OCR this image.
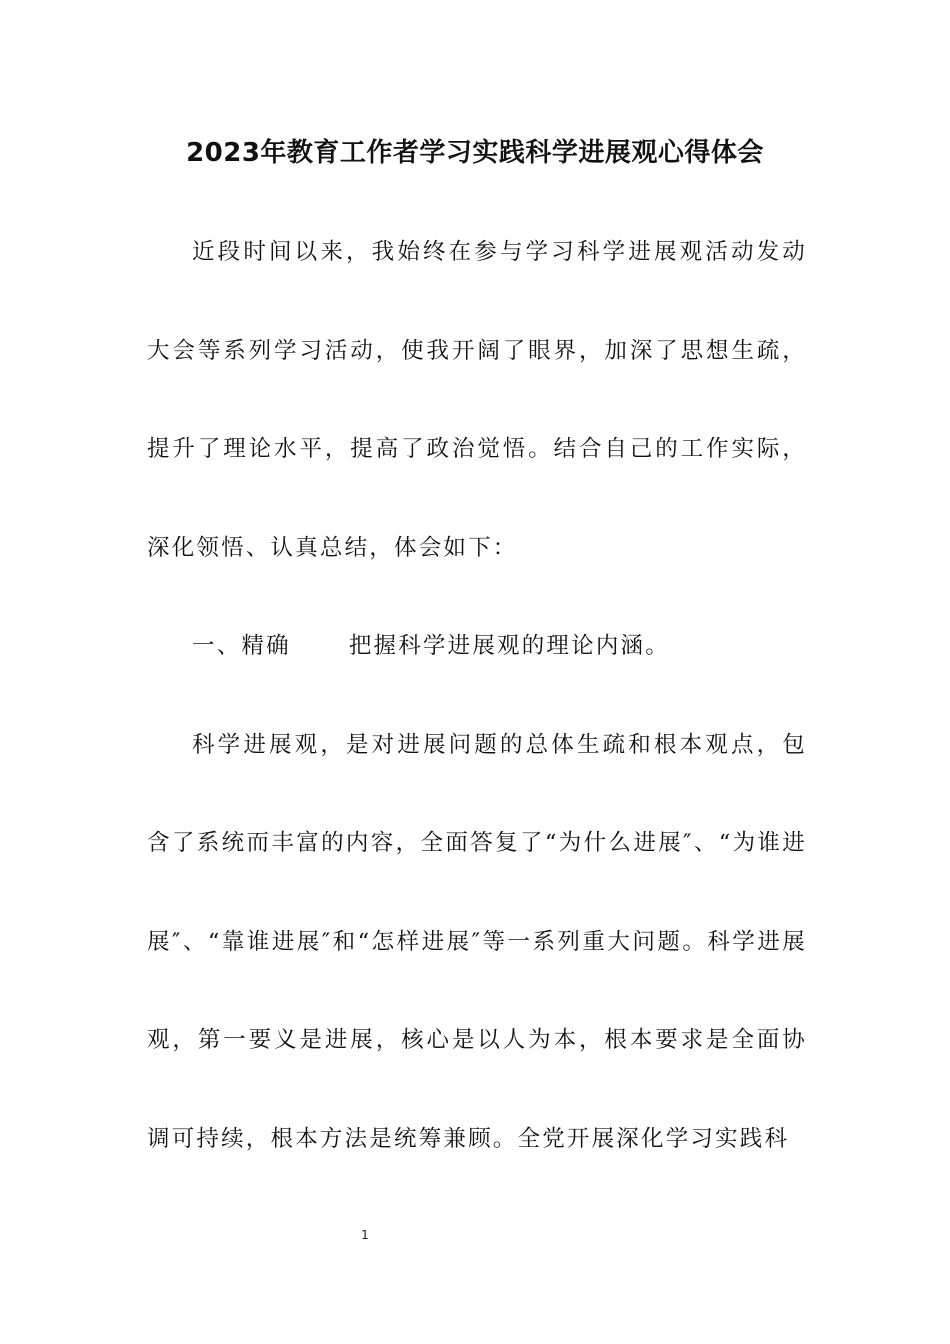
2023年教育工作者学习实践科学进展观心得体会

近段时间以来，我始终在参与学习科学进展观活动发动大会等系列学习活动，使我开阔了眼界，加深了思想生疏，提升了理论水平，提高了政治觉悟。结合自己的工作实际，深化领悟、认真总结，体会如下：

一、精确	把握科学进展观的理论内涵。

科学进展观，是对进展问题的总体生疏和根本观点，包含了系统而丰富的内容，全面答复了“为什么进展″、“为谁进展″、“靠谁进展″和“怎样进展″等一系列重大问题。科学进展观，第一要义是进展，核心是以人为本，根本要求是全面协调可持续，根本方法是统筹兼顾。全党开展深化学习实践科

1
